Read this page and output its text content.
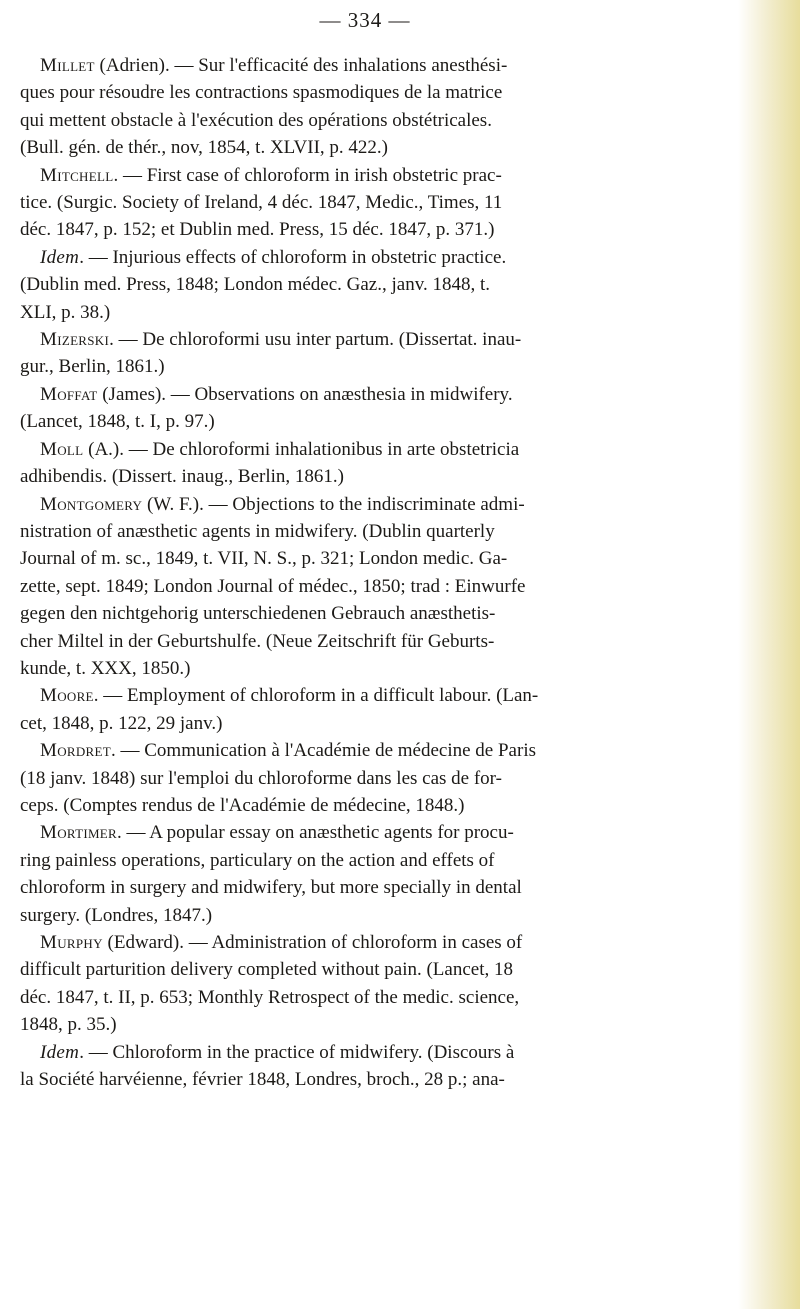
— 334 —

Millet (Adrien). — Sur l'efficacité des inhalations anesthési-
ques pour résoudre les contractions spasmodiques de la matrice
qui mettent obstacle à l'exécution des opérations obstétricales.
(Bull. gén. de thér., nov, 1854, t. XLVII, p. 422.)

Mitchell. — First case of chloroform in irish obstetric prac-
tice. (Surgic. Society of Ireland, 4 déc. 1847, Medic., Times, 11
déc. 1847, p. 152; et Dublin med. Press, 15 déc. 1847, p. 371.)

Idem. — Injurious effects of chloroform in obstetric practice.
(Dublin med. Press, 1848; London médec. Gaz., janv. 1848, t.
XLI, p. 38.)

Mizerski. — De chloroformi usu inter partum. (Dissertat. inau-
gur., Berlin, 1861.)

Moffat (James). — Observations on anæsthesia in midwifery.
(Lancet, 1848, t. I, p. 97.)

Moll (A.). — De chloroformi inhalationibus in arte obstetricia
adhibendis. (Dissert. inaug., Berlin, 1861.)

Montgomery (W. F.). — Objections to the indiscriminate admi-
nistration of anæsthetic agents in midwifery. (Dublin quarterly
Journal of m. sc., 1849, t. VII, N. S., p. 321; London medic. Ga-
zette, sept. 1849; London Journal of médec., 1850; trad : Einwurfe
gegen den nichtgehorig unterschiedenen Gebrauch anæsthetis-
cher Miltel in der Geburtshulfe. (Neue Zeitschrift für Geburts-
kunde, t. XXX, 1850.)

Moore. — Employment of chloroform in a difficult labour. (Lan-
cet, 1848, p. 122, 29 janv.)

Mordret. — Communication à l'Académie de médecine de Paris
(18 janv. 1848) sur l'emploi du chloroforme dans les cas de for-
ceps. (Comptes rendus de l'Académie de médecine, 1848.)

Mortimer. — A popular essay on anæsthetic agents for procu-
ring painless operations, particulary on the action and effets of
chloroform in surgery and midwifery, but more specially in dental
surgery. (Londres, 1847.)

Murphy (Edward). — Administration of chloroform in cases of
difficult parturition delivery completed without pain. (Lancet, 18
déc. 1847, t. II, p. 653; Monthly Retrospect of the medic. science,
1848, p. 35.)

Idem. — Chloroform in the practice of midwifery. (Discours à
la Société harvéienne, février 1848, Londres, broch., 28 p.; ana-
